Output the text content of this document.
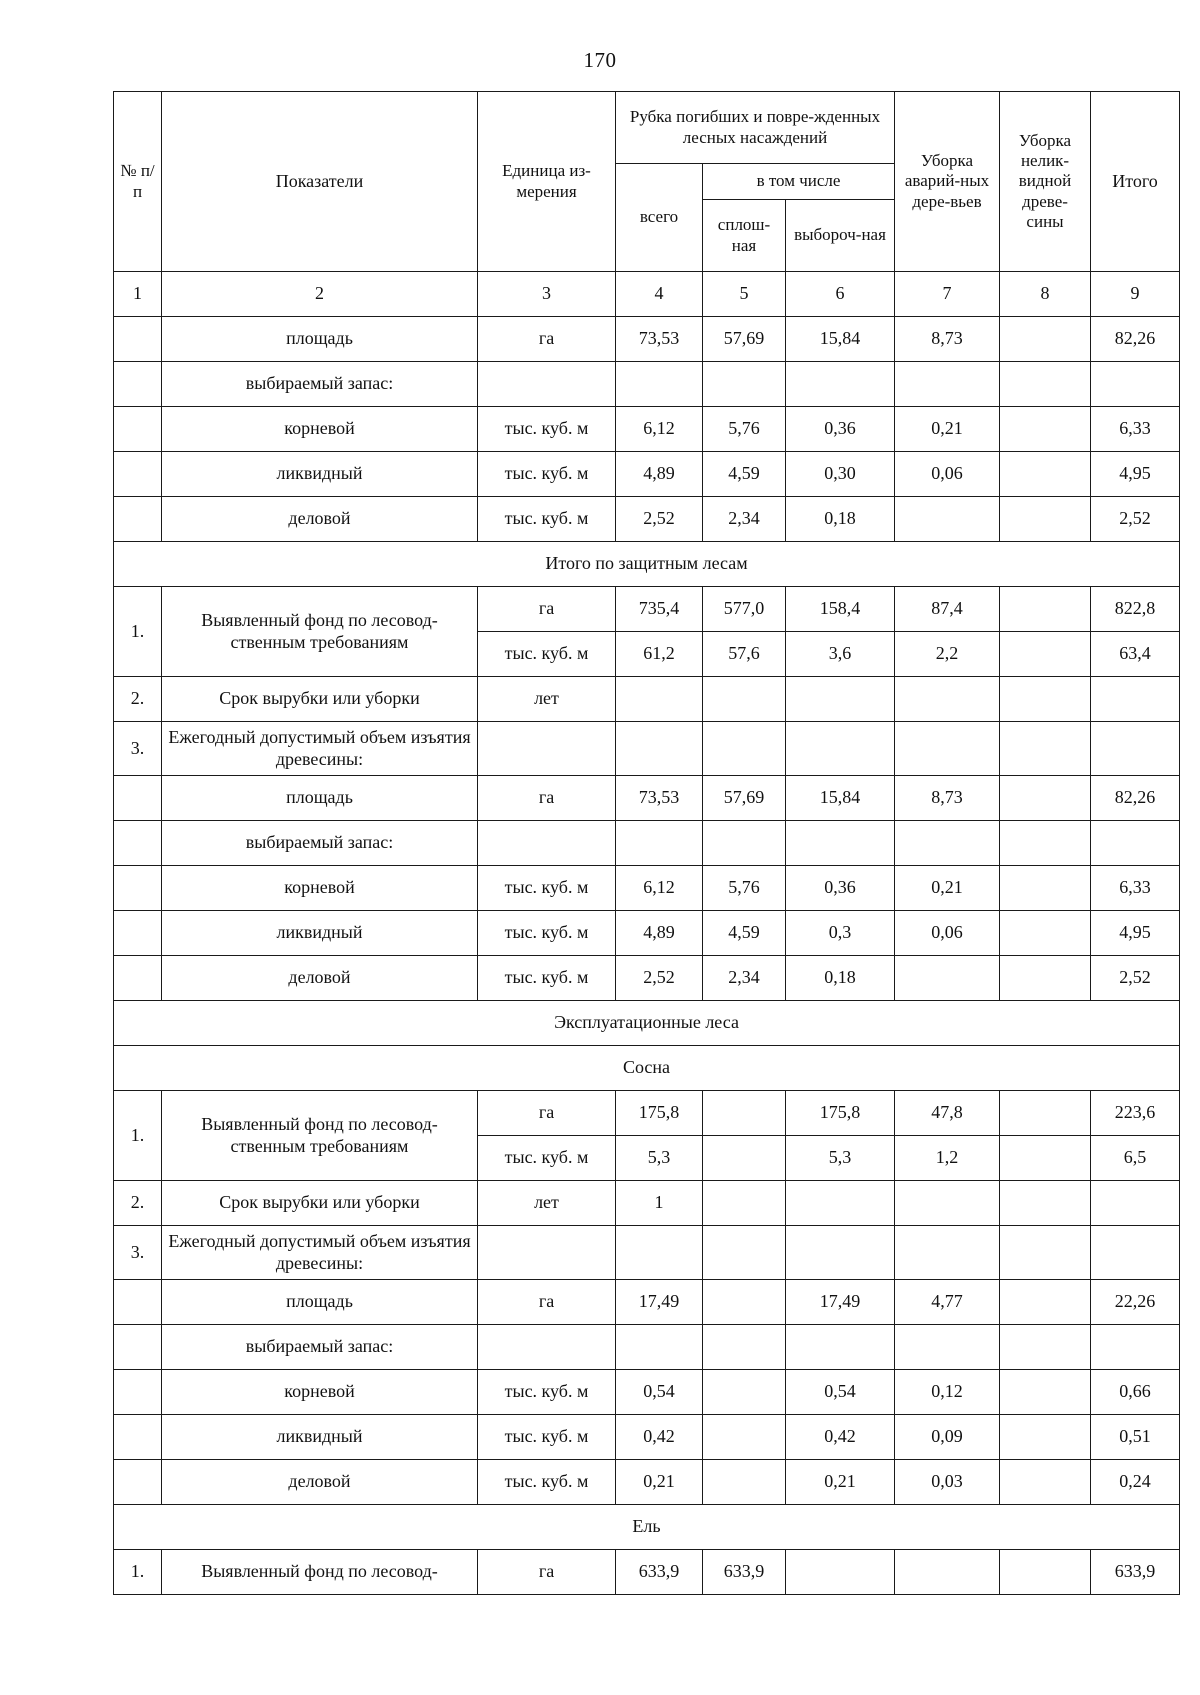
170
№ п/п	Показатели	Единица из-мерения	Рубка погибших и повре-жденных лесных насаждений			Уборка аварий-ных дере-вьев	Уборка нелик-видной древе-сины	Итого
			всего	в том числе				
				сплош-ная	выбороч-ная			
1	2	3	4	5	6	7	8	9
	площадь	га	73,53	57,69	15,84	8,73		82,26
	выбираемый запас:							
	корневой	тыс. куб. м	6,12	5,76	0,36	0,21		6,33
	ликвидный	тыс. куб. м	4,89	4,59	0,30	0,06		4,95
	деловой	тыс. куб. м	2,52	2,34	0,18			2,52
Итого по защитным лесам								
1.	Выявленный фонд по лесовод-ственным требованиям	га	735,4	577,0	158,4	87,4		822,8
		тыс. куб. м	61,2	57,6	3,6	2,2		63,4
2.	Срок вырубки или уборки	лет						
3.	Ежегодный допустимый объем изъятия древесины:							
	площадь	га	73,53	57,69	15,84	8,73		82,26
	выбираемый запас:							
	корневой	тыс. куб. м	6,12	5,76	0,36	0,21		6,33
	ликвидный	тыс. куб. м	4,89	4,59	0,3	0,06		4,95
	деловой	тыс. куб. м	2,52	2,34	0,18			2,52
Эксплуатационные леса								
Сосна								
1.	Выявленный фонд по лесовод-ственным требованиям	га	175,8		175,8	47,8		223,6
		тыс. куб. м	5,3		5,3	1,2		6,5
2.	Срок вырубки или уборки	лет	1					
3.	Ежегодный допустимый объем изъятия древесины:							
	площадь	га	17,49		17,49	4,77		22,26
	выбираемый запас:							
	корневой	тыс. куб. м	0,54		0,54	0,12		0,66
	ликвидный	тыс. куб. м	0,42		0,42	0,09		0,51
	деловой	тыс. куб. м	0,21		0,21	0,03		0,24
Ель								
1.	Выявленный фонд по лесовод-	га	633,9	633,9				633,9
